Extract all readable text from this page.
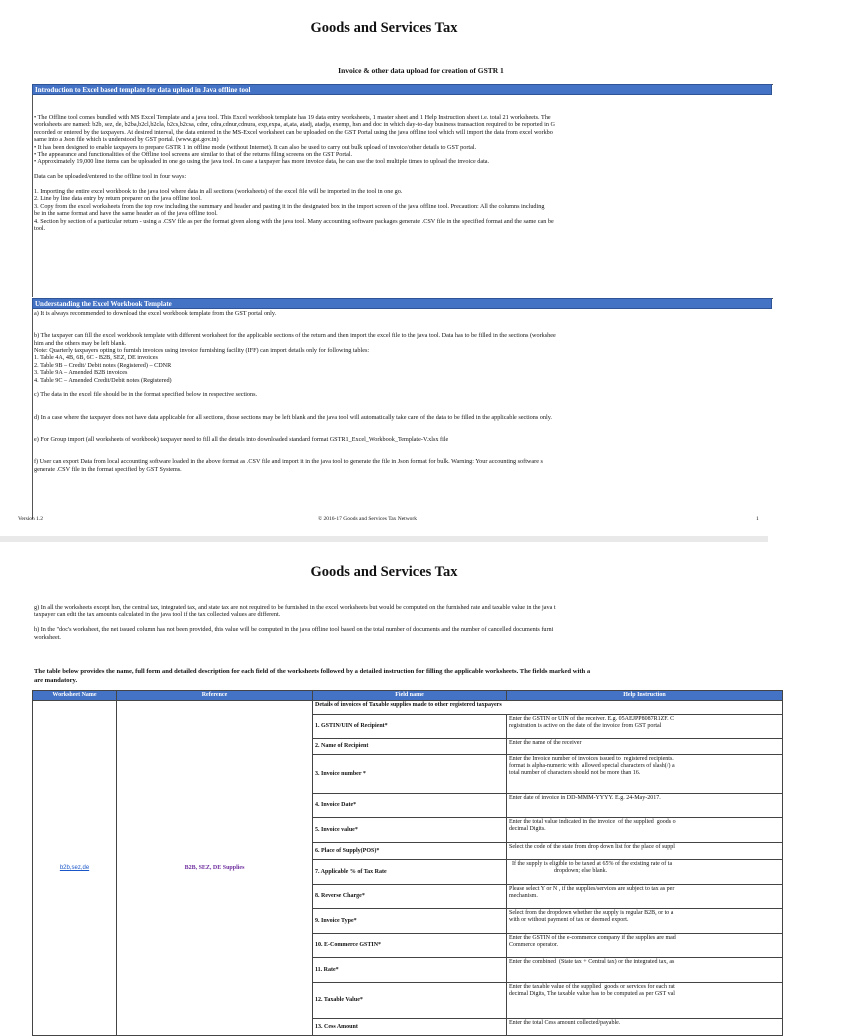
Goods and Services Tax
Invoice & other data upload for creation of GSTR 1
Introduction to Excel based template for data upload in Java offline tool
• The Offline tool comes bundled with MS Excel Template and a java tool. This Excel workbook template has 19 data entry worksheets, 1 master sheet and 1 Help Instruction sheet i.e. total 21 worksheets. The
worksheets are named: b2b, sez, de, b2ba,b2cl,b2cla, b2cs,b2csa, cdnr, cdra,cdnur,cdnura, exp,expa, at,ata, atadj, atadja, exemp, hsn and doc in which day-to-day business transaction required to be reported in G
recorded or entered by the taxpayers. At desired interval, the data entered in the MS-Excel worksheet can be uploaded on the GST Portal using the java offline tool which will import the data from excel workbo
same into a Json file which is understood by GST portal. (www.gst.gov.in)
• It has been designed to enable taxpayers to prepare GSTR 1 in offline mode (without Internet). It can also be used to carry out bulk upload of invoice/other details to GST portal.
• The appearance and functionalities of the Offline tool screens are similar to that of the returns filing screens on the GST Portal.
• Approximately 19,000 line items can be uploaded in one go using the java tool. In case a taxpayer has more invoice data, he can use the tool multiple times to upload the invoice data.

Data can be uploaded/entered to the offline tool in four ways:

1. Importing the entire excel workbook to the java tool where data in all sections (worksheets) of the excel file will be imported in the tool in one go.
2. Line by line data entry by return preparer on the java offline tool.
3. Copy from the excel worksheets from the top row including the summary and header and pasting it in the designated box in the import screen of the java offline tool. Precaution: All the columns including
be in the same format and have the same header as of the java offline tool.
4. Section by section of a particular return - using a .CSV file as per the format given along with the java tool. Many accounting software packages generate .CSV file in the specified format and the same can be
tool.
Understanding the Excel Workbook Template
a) It is always recommended to download the excel workbook template from the GST portal only.

b) The taxpayer can fill the excel workbook template with different worksheet for the applicable sections of the return and then import the excel file to the java tool. Data has to be filled in the sections (workshee
him and the others may be left blank.
Note: Quarterly taxpayers opting to furnish invoices using invoice furnishing facility (IFF) can import details only for following tables:
1. Table 4A, 4B, 6B, 6C - B2B, SEZ, DE invoices
2. Table 9B – Credit/ Debit notes (Registered) – CDNR
3. Table 9A – Amended B2B invoices
4. Table 9C – Amended Credit/Debit notes (Registered)

c) The data in the excel file should be in the format specified below in respective sections.

d) In a case where the taxpayer does not have data applicable for all sections, those sections may be left blank and the java tool will automatically take care of the data to be filled in the applicable sections only.

e) For Group import (all worksheets of workbook) taxpayer need to fill all the details into downloaded standard format GSTR1_Excel_Workbook_Template-V.xlsx file

f) User can export Data from local accounting software loaded in the above format as .CSV file and import it in the java tool to generate the file in Json format for bulk. Warning: Your accounting software s
generate .CSV file in the format specified by GST Systems.
Version 1.2	© 2016-17 Goods and Services Tax Network	1
Goods and Services Tax
g) In all the worksheets except hsn, the central tax, integrated tax, and state tax are not required to be furnished in the excel worksheets but would be computed on the furnished rate and taxable value in the java t
taxpayer can edit the tax amounts calculated in the java tool if the tax collected values are different.

h) In the "doc's worksheet, the net issued column has not been provided, this value will be computed in the java offline tool based on the total number of documents and the number of cancelled documents furni
worksheet.
The table below provides the name, full form and detailed description for each field of the worksheets followed by a detailed instruction for filling the applicable worksheets. The fields marked with a
are mandatory.
Worksheet Name	Reference	Field name	Help Instruction
b2b,sez,de	B2B, SEZ, DE Supplies	Details of invoices of Taxable supplies made to other registered taxpayers	
		1. GSTIN/UIN of Recipient*	Enter the GSTIN or UIN of the receiver. E.g. 05AEJPP8087R1ZF. C
registration is active on the date of the invoice from GST portal
		2. Name of Recipient	Enter the name of the receiver
		3. Invoice number *	Enter the Invoice number of invoices issued to  registered recipients.
format is alpha-numeric with  allowed special characters of slash(/) a
total number of characters should not be more than 16.
		4. Invoice Date*	Enter date of invoice in DD-MMM-YYYY. E.g. 24-May-2017.
		5. Invoice value*	Enter the total value indicated in the invoice  of the supplied  goods o
decimal Digits.
		6. Place of Supply(POS)*	Select the code of the state from drop down list for the place of suppl
		7. Applicable % of Tax Rate	If the supply is eligible to be taxed at 65% of the existing rate of ta
dropdown; else blank.
		8. Reverse Charge*	Please select Y or N , if the supplies/services are subject to tax as per
mechanism.
		9. Invoice Type*	Select from the dropdown whether the supply is regular B2B, or to a
with or without payment of tax or deemed export.
		10. E-Commerce GSTIN*	Enter the GSTIN of the e-commerce company if the supplies are mad
Commerce operator.
		11. Rate*	Enter the combined  (State tax + Central tax) or the integrated tax, as
		12. Taxable Value*	Enter the taxable value of the supplied  goods or services for each rat
decimal Digits, The taxable value has to be computed as per GST val
		13. Cess Amount	Enter the total Cess amount collected/payable.
